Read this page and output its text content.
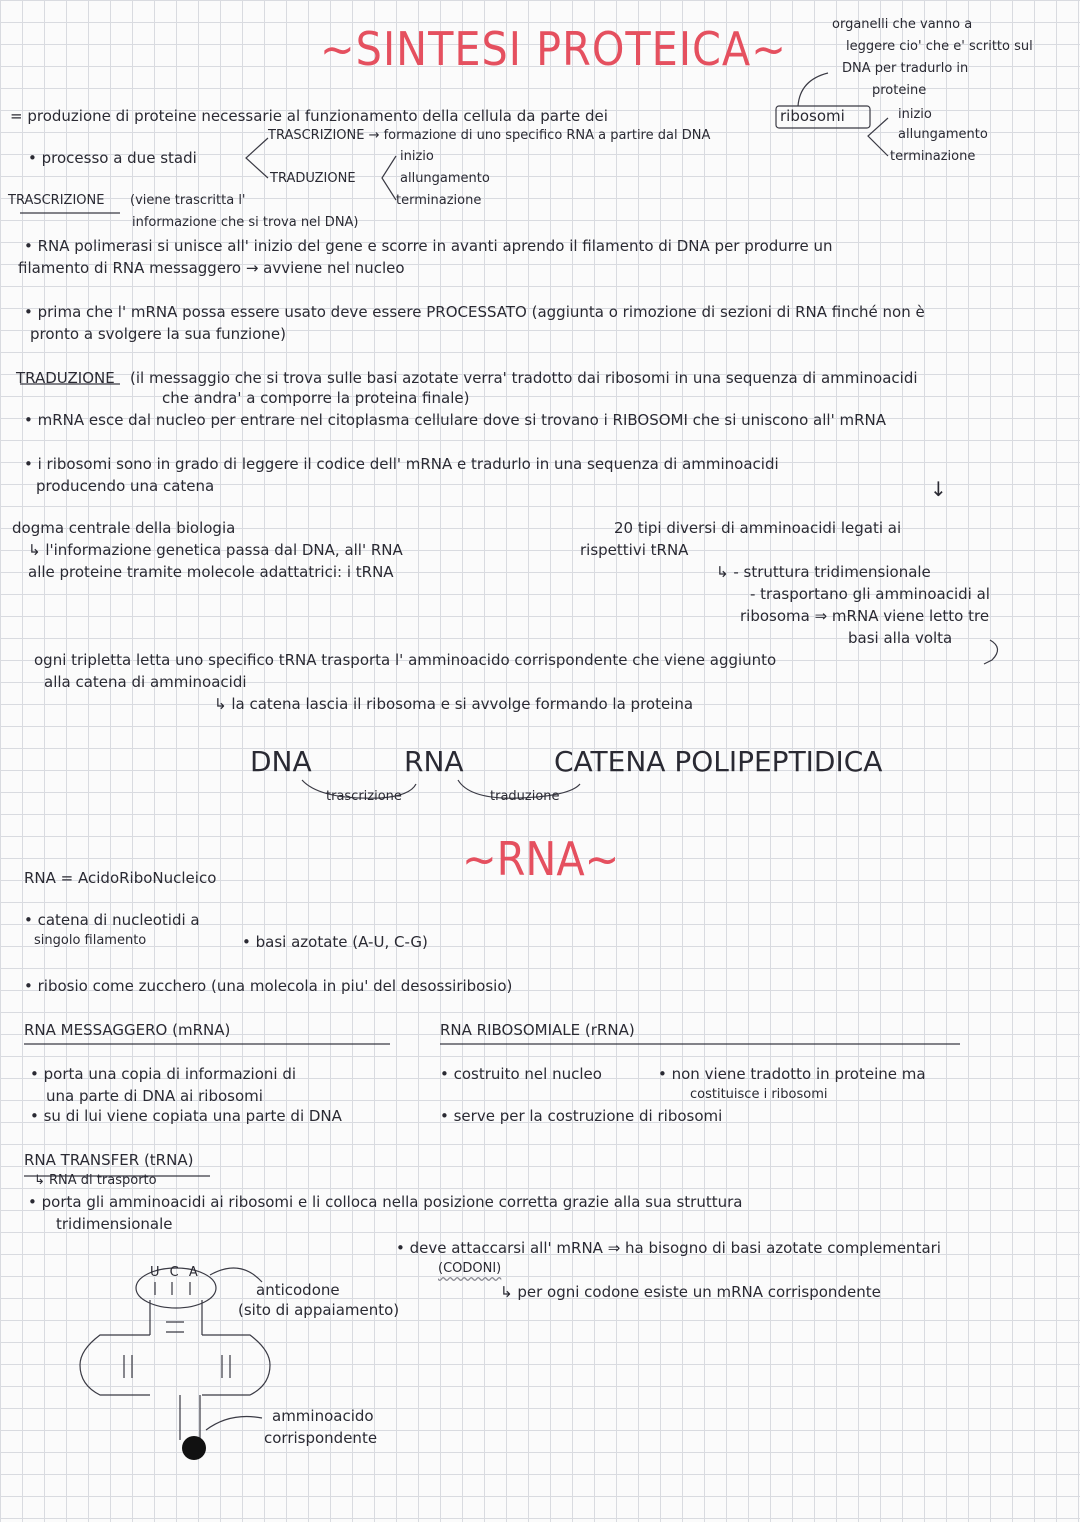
~SINTESI PROTEICA~	organelli che vanno a
leggere cio' che e' scritto sul
DNA per tradurlo in
proteine
= produzione di proteine necessarie al funzionamento della cellula da parte dei	ribosomi	inizio
allungamento
terminazione
TRASCRIZIONE → formazione di uno specifico RNA a partire dal DNA
• processo a due stadi
TRADUZIONE
inizio
allungamento
terminazione
TRASCRIZIONE (viene trascritta l'
informazione che si trova nel DNA)
• RNA polimerasi si unisce all' inizio del gene e scorre in avanti aprendo il filamento di DNA per produrre un
filamento di RNA messaggero → avviene nel nucleo
• prima che l' mRNA possa essere usato deve essere PROCESSATO (aggiunta o rimozione di sezioni di RNA finché non è
pronto a svolgere la sua funzione)
TRADUZIONE (il messaggio che si trova sulle basi azotate verra' tradotto dai ribosomi in una sequenza di amminoacidi
che andra' a comporre la proteina finale)
• mRNA esce dal nucleo per entrare nel citoplasma cellulare dove si trovano i RIBOSOMI che si uniscono all' mRNA
• i ribosomi sono in grado di leggere il codice dell' mRNA e tradurlo in una sequenza di amminoacidi
producendo una catena	↓
dogma centrale della biologia
↳ l'informazione genetica passa dal DNA, all' RNA
alle proteine tramite molecole adattatrici: i tRNA
20 tipi diversi di amminoacidi legati ai
rispettivi tRNA
↳ - struttura tridimensionale
- trasportano gli amminoacidi al
ribosoma ⇒ mRNA viene letto tre
basi alla volta
ogni tripletta letta uno specifico tRNA trasporta l' amminoacido corrispondente che viene aggiunto
alla catena di amminoacidi
↳ la catena lascia il ribosoma e si avvolge formando la proteina
DNA	RNA	CATENA POLIPEPTIDICA
trascrizione	traduzione
~RNA~
RNA = AcidoRiboNucleico
• catena di nucleotidi a
singolo filamento	• basi azotate (A-U, C-G)
• ribosio come zucchero (una molecola in piu' del desossiribosio)
RNA MESSAGGERO (mRNA)
• porta una copia di informazioni di
una parte di DNA ai ribosomi
• su di lui viene copiata una parte di DNA
RNA RIBOSOMIALE (rRNA)
• costruito nel nucleo	• non viene tradotto in proteine ma
costituisce i ribosomi
• serve per la costruzione di ribosomi
RNA TRANSFER (tRNA)
↳ RNA di trasporto
• porta gli amminoacidi ai ribosomi e li colloca nella posizione corretta grazie alla sua struttura
tridimensionale
• deve attaccarsi all' mRNA ⇒ ha bisogno di basi azotate complementari
(CODONI)
↳ per ogni codone esiste un mRNA corrispondente
U C A
anticodone
(sito di appaiamento)
amminoacido
corrispondente
